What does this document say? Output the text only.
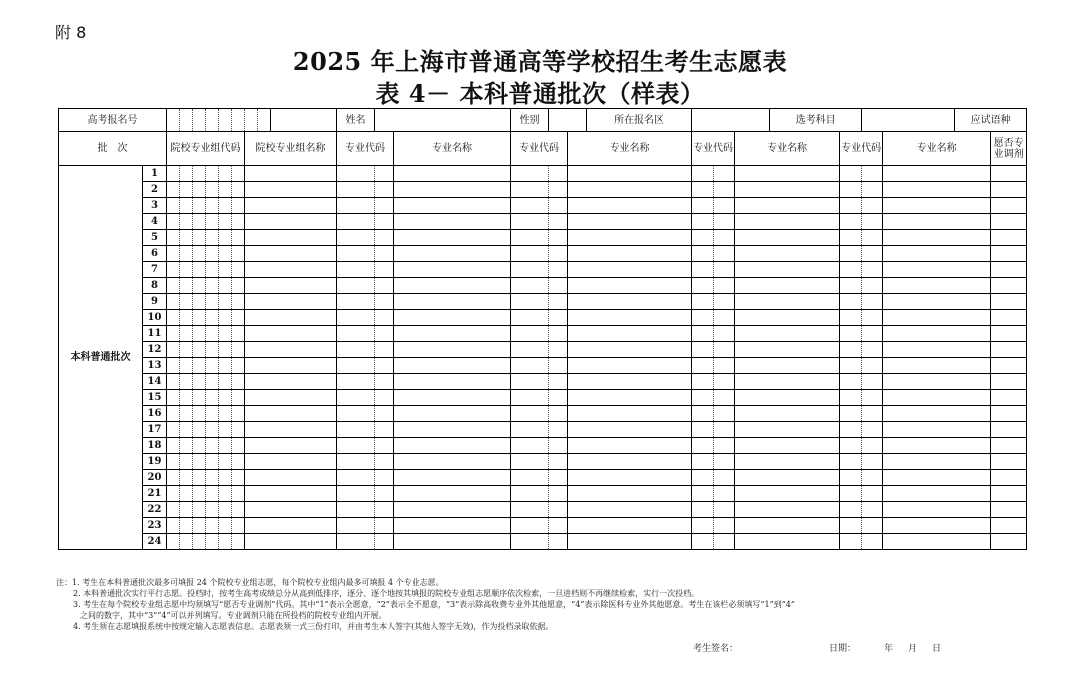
附 8
2025 年上海市普通高等学校招生考生志愿表
表 4－ 本科普通批次（样表）
高考报名号											姓名			性别			所在报名区				选考科目				应试语种		
批　次		院校专业组代码						院校专业组名称			专业代码		专业名称	专业代码		专业名称		专业代码		专业名称		专业代码		专业名称		愿否专业调剂	
本科普通批次	1																										
	2																										
	3																										
	4																										
	5																										
	6																										
	7																										
	8																										
	9																										
	10																										
	11																										
	12																										
	13																										
	14																										
	15																										
	16																										
	17																										
	18																										
	19																										
	20																										
	21																										
	22																										
	23																										
	24																										
注：1. 考生在本科普通批次最多可填报 24 个院校专业组志愿，每个院校专业组内最多可填报 4 个专业志愿。
2. 本科普通批次实行平行志愿。投档时，按考生高考成绩总分从高到低排序，逐分、逐个地按其填报的院校专业组志愿顺序依次检索，一旦进档则不再继续检索，实行一次投档。
3. 考生在每个院校专业组志愿中均须填写“愿否专业调剂”代码。其中“1”表示全愿意，“2”表示全不愿意，“3”表示除高收费专业外其他愿意，“4”表示除医科专业外其他愿意。考生在该栏必须填写“1”到“4”
之间的数字，其中“3”“4”可以并列填写。专业调剂只能在所投档的院校专业组内开展。
4. 考生须在志愿填报系统中按规定输入志愿表信息。志愿表须一式三份打印，并由考生本人签字(其他人签字无效)，作为投档录取依据。
考生签名：	日期：	年 月 日
